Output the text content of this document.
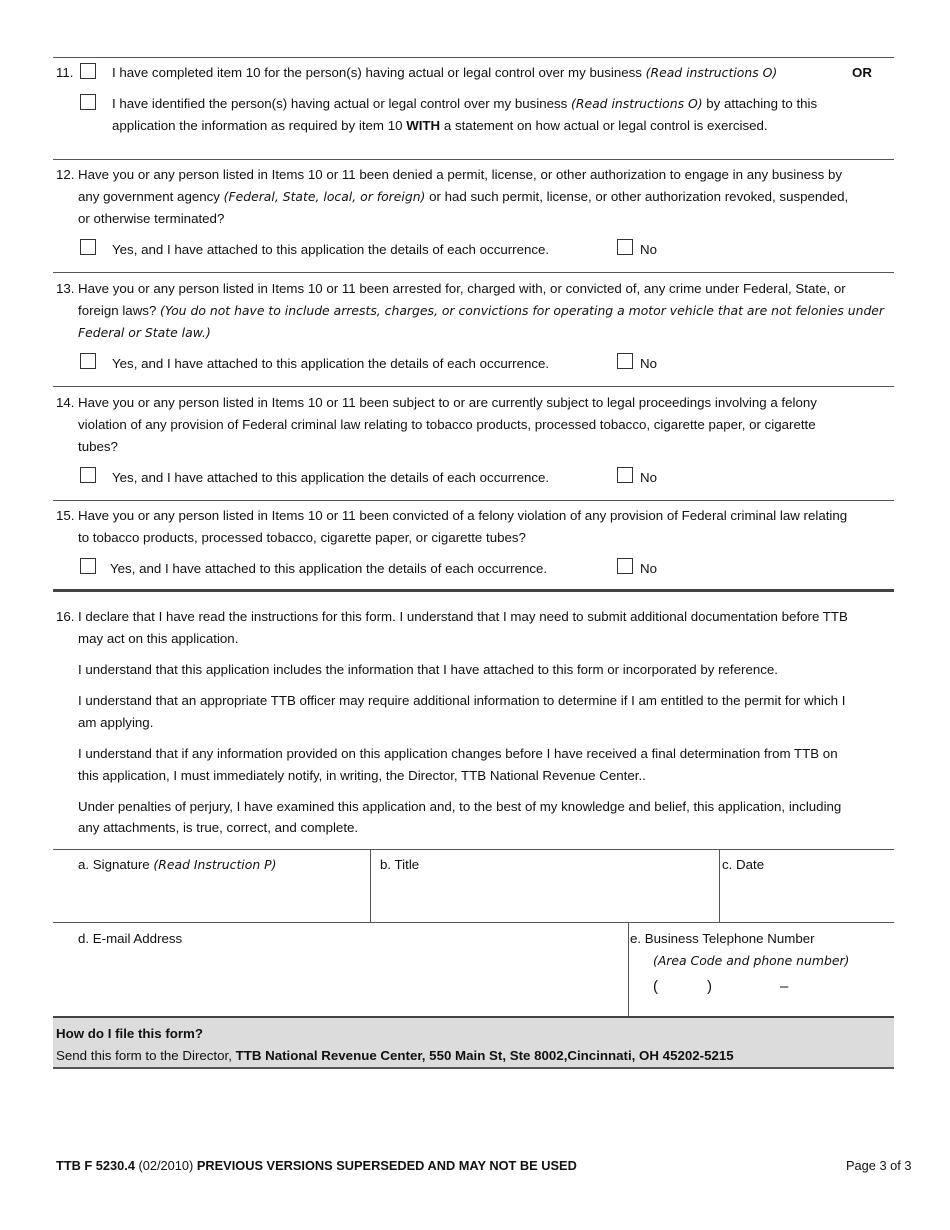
11.	I have completed item 10 for the person(s) having actual or legal control over my business (Read instructions O)	OR
I have identified the person(s) having actual or legal control over my business (Read instructions O) by attaching to this
application the information as required by item 10 WITH a statement on how actual or legal control is exercised.
12. Have you or any person listed in Items 10 or 11 been denied a permit, license, or other authorization to engage in any business by
any government agency (Federal, State, local, or foreign) or had such permit, license, or other authorization revoked, suspended,
or otherwise terminated?
Yes, and I have attached to this application the details of each occurrence.	No
13. Have you or any person listed in Items 10 or 11 been arrested for, charged with, or convicted of, any crime under Federal, State, or
foreign laws? (You do not have to include arrests, charges, or convictions for operating a motor vehicle that are not felonies under
Federal or State law.)
Yes, and I have attached to this application the details of each occurrence.	No
14. Have you or any person listed in Items 10 or 11 been subject to or are currently subject to legal proceedings involving a felony
violation of any provision of Federal criminal law relating to tobacco products, processed tobacco, cigarette paper, or cigarette
tubes?
Yes, and I have attached to this application the details of each occurrence.	No
15. Have you or any person listed in Items 10 or 11 been convicted of a felony violation of any provision of Federal criminal law relating
to tobacco products, processed tobacco, cigarette paper, or cigarette tubes?
Yes, and I have attached to this application the details of each occurrence.	No
16. I declare that I have read the instructions for this form. I understand that I may need to submit additional documentation before TTB
may act on this application.
I understand that this application includes the information that I have attached to this form or incorporated by reference.
I understand that an appropriate TTB officer may require additional information to determine if I am entitled to the permit for which I
am applying.
I understand that if any information provided on this application changes before I have received a final determination from TTB on
this application, I must immediately notify, in writing, the Director, TTB National Revenue Center..
Under penalties of perjury, I have examined this application and, to the best of my knowledge and belief, this application, including
any attachments, is true, correct, and complete.
a. Signature (Read Instruction P)	b. Title	c. Date
d. E-mail Address	e. Business Telephone Number
(Area Code and phone number)
(	)	–
How do I file this form?
Send this form to the Director, TTB National Revenue Center, 550 Main St, Ste 8002,Cincinnati, OH 45202-5215
TTB F 5230.4 (02/2010) PREVIOUS VERSIONS SUPERSEDED AND MAY NOT BE USED	Page 3 of 3
